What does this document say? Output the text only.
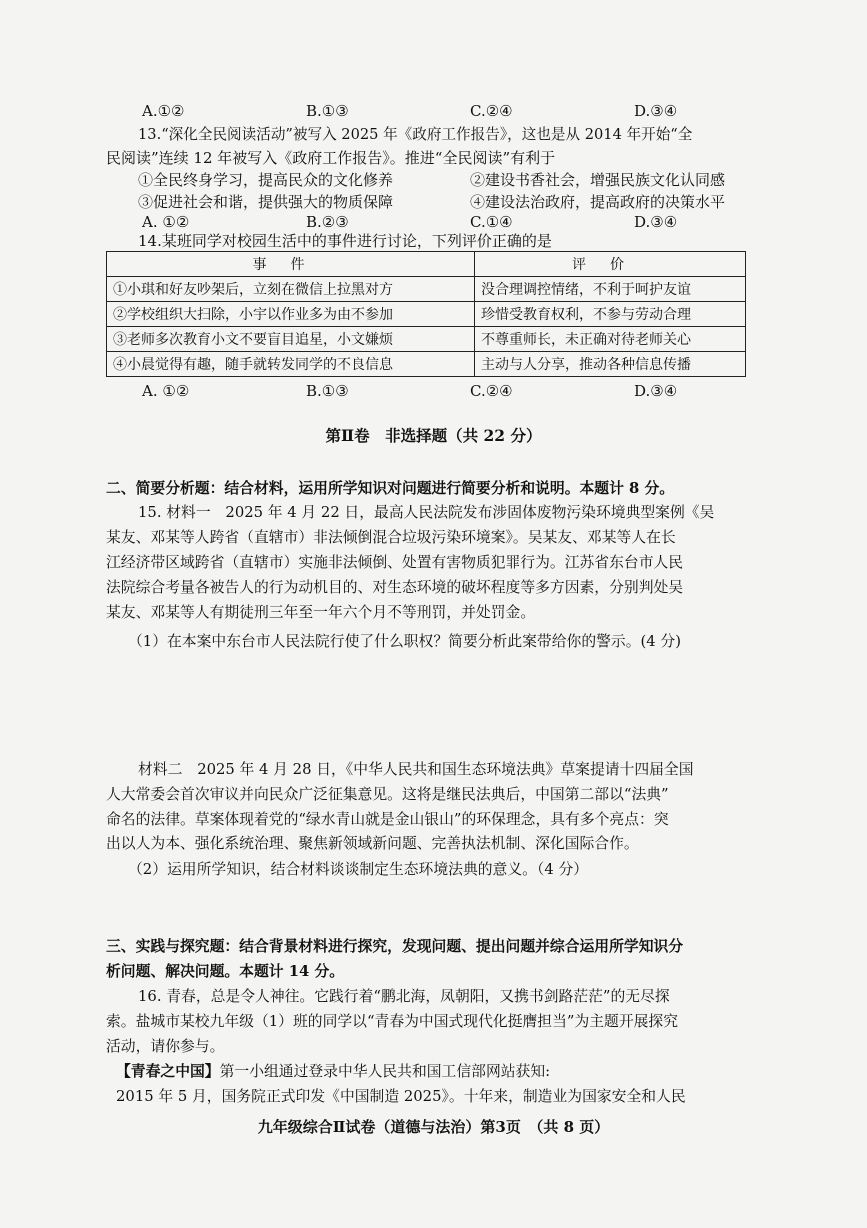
A.①②	B.①③	C.②④	D.③④
13.“深化全民阅读活动”被写入 2025 年《政府工作报告》，这也是从 2014 年开始“全
民阅读”连续 12 年被写入《政府工作报告》。推进“全民阅读”有利于
①全民终身学习，提高民众的文化修养	②建设书香社会，增强民族文化认同感
③促进社会和谐，提供强大的物质保障	④建设法治政府，提高政府的决策水平
A. ①②	B.②③	C.①④	D.③④
14.某班同学对校园生活中的事件进行讨论，下列评价正确的是
事件	评价
①小琪和好友吵架后，立刻在微信上拉黑对方	没合理调控情绪，不利于呵护友谊
②学校组织大扫除，小宇以作业多为由不参加	珍惜受教育权利，不参与劳动合理
③老师多次教育小文不要盲目追星，小文嫌烦	不尊重师长，未正确对待老师关心
④小晨觉得有趣，随手就转发同学的不良信息	主动与人分享，推动各种信息传播
A. ①②	B.①③	C.②④	D.③④
第Ⅱ卷　非选择题（共 22 分）
二、简要分析题：结合材料，运用所学知识对问题进行简要分析和说明。本题计 8 分。
15. 材料一　2025 年 4 月 22 日，最高人民法院发布涉固体废物污染环境典型案例《吴
某友、邓某等人跨省（直辖市）非法倾倒混合垃圾污染环境案》。吴某友、邓某等人在长
江经济带区域跨省（直辖市）实施非法倾倒、处置有害物质犯罪行为。江苏省东台市人民
法院综合考量各被告人的行为动机目的、对生态环境的破坏程度等多方因素，分别判处吴
某友、邓某等人有期徒刑三年至一年六个月不等刑罚，并处罚金。
（1）在本案中东台市人民法院行使了什么职权？简要分析此案带给你的警示。(4 分)
材料二　2025 年 4 月 28 日，《中华人民共和国生态环境法典》草案提请十四届全国
人大常委会首次审议并向民众广泛征集意见。这将是继民法典后，中国第二部以“法典”
命名的法律。草案体现着党的“绿水青山就是金山银山”的环保理念，具有多个亮点：突
出以人为本、强化系统治理、聚焦新领域新问题、完善执法机制、深化国际合作。
（2）运用所学知识，结合材料谈谈制定生态环境法典的意义。（4 分）
三、实践与探究题：结合背景材料进行探究，发现问题、提出问题并综合运用所学知识分
析问题、解决问题。本题计 14 分。
16. 青春，总是令人神往。它践行着“鹏北海，凤朝阳，又携书剑路茫茫”的无尽探
索。盐城市某校九年级（1）班的同学以“青春为中国式现代化挺膺担当”为主题开展探究
活动，请你参与。
【青春之中国】第一小组通过登录中华人民共和国工信部网站获知:
2015 年 5 月，国务院正式印发《中国制造 2025》。十年来，制造业为国家安全和人民
九年级综合Ⅱ试卷（道德与法治）第3页　（共 8 页）
